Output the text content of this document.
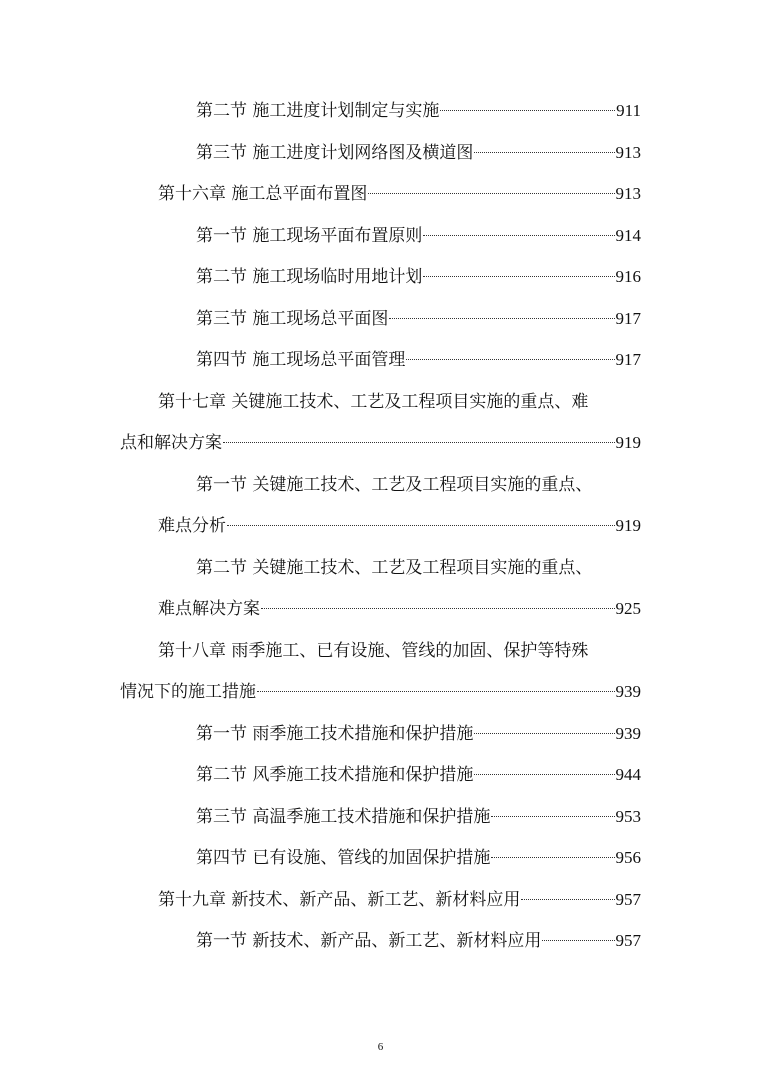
第二节 施工进度计划制定与实施	911
第三节 施工进度计划网络图及横道图	913
第十六章 施工总平面布置图	913
第一节 施工现场平面布置原则	914
第二节 施工现场临时用地计划	916
第三节 施工现场总平面图	917
第四节 施工现场总平面管理	917
第十七章 关键施工技术、工艺及工程项目实施的重点、难
点和解决方案	919
第一节 关键施工技术、工艺及工程项目实施的重点、
难点分析	919
第二节 关键施工技术、工艺及工程项目实施的重点、
难点解决方案	925
第十八章 雨季施工、已有设施、管线的加固、保护等特殊
情况下的施工措施	939
第一节 雨季施工技术措施和保护措施	939
第二节 风季施工技术措施和保护措施	944
第三节 高温季施工技术措施和保护措施	953
第四节 已有设施、管线的加固保护措施	956
第十九章 新技术、新产品、新工艺、新材料应用	957
第一节 新技术、新产品、新工艺、新材料应用	957
6
